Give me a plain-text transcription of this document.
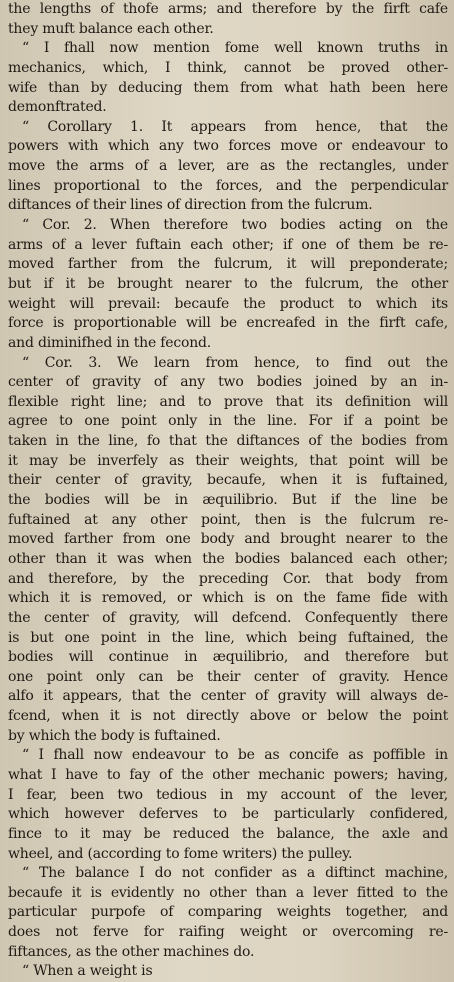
the lengths of thofe arms; and therefore by the firft cafe
they muft balance each other.
“ I fhall now mention fome well known truths in
mechanics, which, I think, cannot be proved other-
wife than by deducing them from what hath been here
demonftrated.
“ Corollary 1. It appears from hence, that the
powers with which any two forces move or endeavour to
move the arms of a lever, are as the rectangles, under
lines proportional to the forces, and the perpendicular
diftances of their lines of direction from the fulcrum.
“ Cor. 2. When therefore two bodies acting on the
arms of a lever fuftain each other; if one of them be re-
moved farther from the fulcrum, it will preponderate;
but if it be brought nearer to the fulcrum, the other
weight will prevail: becaufe the product to which its
force is proportionable will be encreafed in the firft cafe,
and diminifhed in the fecond.
“ Cor. 3. We learn from hence, to find out the
center of gravity of any two bodies joined by an in-
flexible right line; and to prove that its definition will
agree to one point only in the line. For if a point be
taken in the line, fo that the diftances of the bodies from
it may be inverfely as their weights, that point will be
their center of gravity, becaufe, when it is fuftained,
the bodies will be in æquilibrio. But if the line be
fuftained at any other point, then is the fulcrum re-
moved farther from one body and brought nearer to the
other than it was when the bodies balanced each other;
and therefore, by the preceding Cor. that body from
which it is removed, or which is on the fame fide with
the center of gravity, will defcend. Confequently there
is but one point in the line, which being fuftained, the
bodies will continue in æquilibrio, and therefore but
one point only can be their center of gravity. Hence
alfo it appears, that the center of gravity will always de-
fcend, when it is not directly above or below the point
by which the body is fuftained.
“ I fhall now endeavour to be as concife as poffible in
what I have to fay of the other mechanic powers; having,
I fear, been two tedious in my account of the lever,
which however deferves to be particularly confidered,
fince to it may be reduced the balance, the axle and
wheel, and (according to fome writers) the pulley.
“ The balance I do not confider as a diftinct machine,
becaufe it is evidently no other than a lever fitted to the
particular purpofe of comparing weights together, and
does not ferve for raifing weight or overcoming re-
fiftances, as the other machines do.
“ When a weight is
